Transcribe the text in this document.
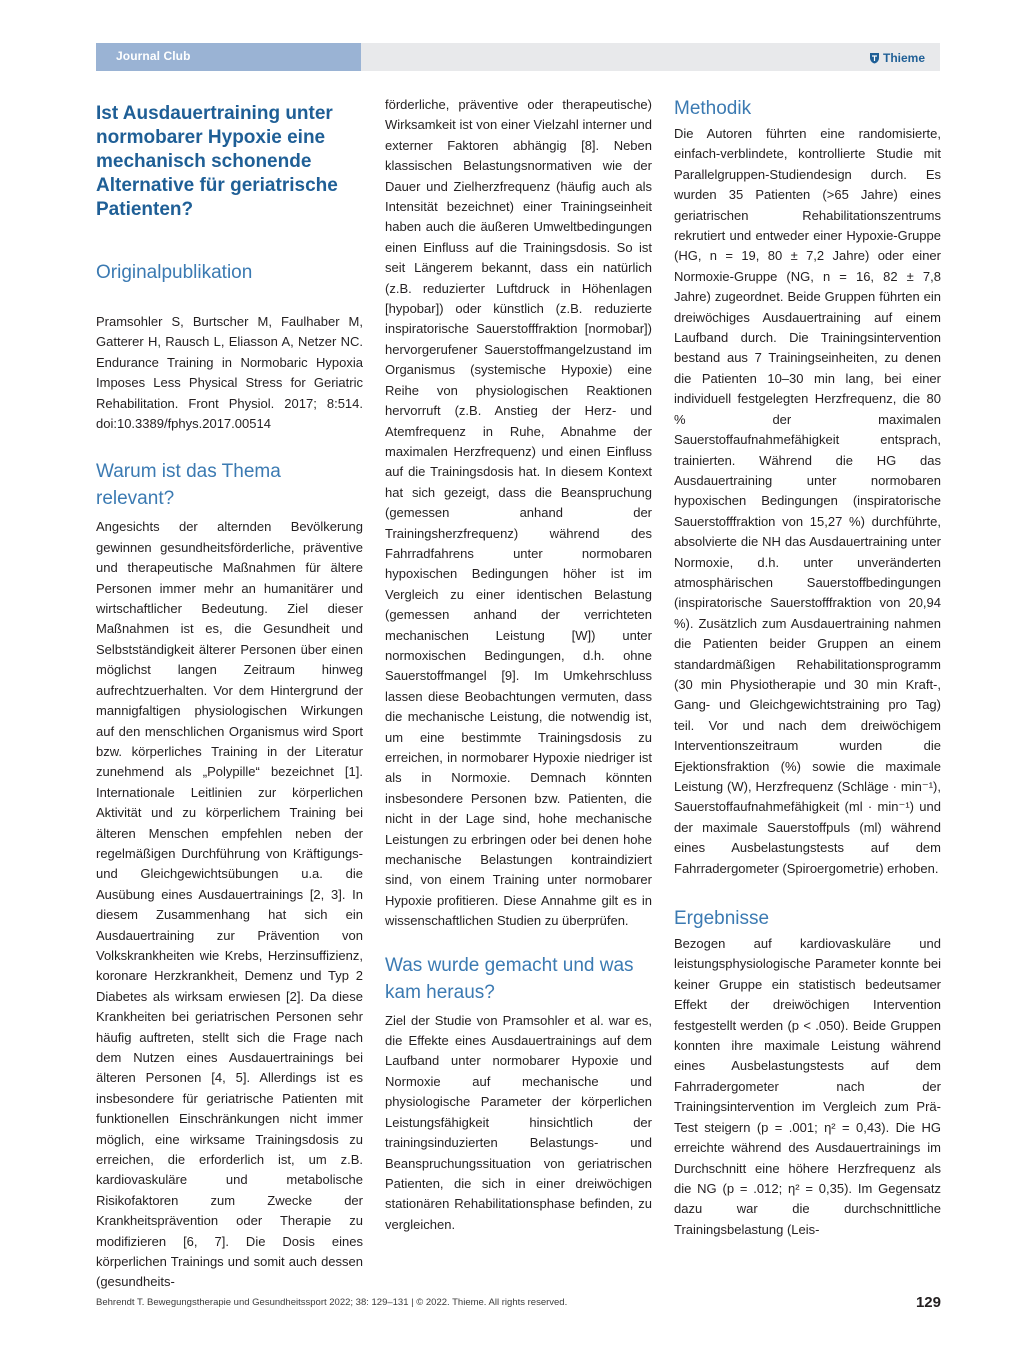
Journal Club	Thieme
Ist Ausdauertraining unter normobarer Hypoxie eine mechanisch schonende Alternative für geriatrische Patienten?
Originalpublikation

Pramsohler S, Burtscher M, Faulhaber M, Gatterer H, Rausch L, Eliasson A, Netzer NC. Endurance Training in Normobaric Hypoxia Imposes Less Physical Stress for Geriatric Rehabilitation. Front Physiol. 2017; 8:514. doi:10.3389/fphys.2017.00514

Warum ist das Thema relevant?

Angesichts der alternden Bevölkerung gewinnen gesundheitsförderliche, präventive und therapeutische Maßnahmen für ältere Personen immer mehr an humanitärer und wirtschaftlicher Bedeutung. Ziel dieser Maßnahmen ist es, die Gesundheit und Selbstständigkeit älterer Personen über einen möglichst langen Zeitraum hinweg aufrechtzuerhalten. Vor dem Hintergrund der mannigfaltigen physiologischen Wirkungen auf den menschlichen Organismus wird Sport bzw. körperliches Training in der Literatur zunehmend als „Polypille“ bezeichnet [1]. Internationale Leitlinien zur körperlichen Aktivität und zu körperlichem Training bei älteren Menschen empfehlen neben der regelmäßigen Durchführung von Kräftigungs- und Gleichgewichtsübungen u.a. die Ausübung eines Ausdauertrainings [2, 3]. In diesem Zusammenhang hat sich ein Ausdauertraining zur Prävention von Volkskrankheiten wie Krebs, Herzinsuffizienz, koronare Herzkrankheit, Demenz und Typ 2 Diabetes als wirksam erwiesen [2]. Da diese Krankheiten bei geriatrischen Personen sehr häufig auftreten, stellt sich die Frage nach dem Nutzen eines Ausdauertrainings bei älteren Personen [4, 5]. Allerdings ist es insbesondere für geriatrische Patienten mit funktionellen Einschränkungen nicht immer möglich, eine wirksame Trainingsdosis zu erreichen, die erforderlich ist, um z.B. kardiovaskuläre und metabolische Risikofaktoren zum Zwecke der Krankheitsprävention oder Therapie zu modifizieren [6, 7]. Die Dosis eines körperlichen Trainings und somit auch dessen (gesundheits-

förderliche, präventive oder therapeutische) Wirksamkeit ist von einer Vielzahl interner und externer Faktoren abhängig [8]. Neben klassischen Belastungsnormativen wie der Dauer und Zielherzfrequenz (häufig auch als Intensität bezeichnet) einer Trainingseinheit haben auch die äußeren Umweltbedingungen einen Einfluss auf die Trainingsdosis. So ist seit Längerem bekannt, dass ein natürlich (z.B. reduzierter Luftdruck in Höhenlagen [hypobar]) oder künstlich (z.B. reduzierte inspiratorische Sauerstofffraktion [normobar]) hervorgerufener Sauerstoffmangelzustand im Organismus (systemische Hypoxie) eine Reihe von physiologischen Reaktionen hervorruft (z.B. Anstieg der Herz- und Atemfrequenz in Ruhe, Abnahme der maximalen Herzfrequenz) und einen Einfluss auf die Trainingsdosis hat. In diesem Kontext hat sich gezeigt, dass die Beanspruchung (gemessen anhand der Trainingsherzfrequenz) während des Fahrradfahrens unter normobaren hypoxischen Bedingungen höher ist im Vergleich zu einer identischen Belastung (gemessen anhand der verrichteten mechanischen Leistung [W]) unter normoxischen Bedingungen, d.h. ohne Sauerstoffmangel [9]. Im Umkehrschluss lassen diese Beobachtungen vermuten, dass die mechanische Leistung, die notwendig ist, um eine bestimmte Trainingsdosis zu erreichen, in normobarer Hypoxie niedriger ist als in Normoxie. Demnach könnten insbesondere Personen bzw. Patienten, die nicht in der Lage sind, hohe mechanische Leistungen zu erbringen oder bei denen hohe mechanische Belastungen kontraindiziert sind, von einem Training unter normobarer Hypoxie profitieren. Diese Annahme gilt es in wissenschaftlichen Studien zu überprüfen.

Was wurde gemacht und was kam heraus?

Ziel der Studie von Pramsohler et al. war es, die Effekte eines Ausdauertrainings auf dem Laufband unter normobarer Hypoxie und Normoxie auf mechanische und physiologische Parameter der körperlichen Leistungsfähigkeit hinsichtlich der trainingsinduzierten Belastungs- und Beanspruchungssituation von geriatrischen Patienten, die sich in einer dreiwöchigen stationären Rehabilitationsphase befinden, zu vergleichen.

Methodik

Die Autoren führten eine randomisierte, einfach-verblindete, kontrollierte Studie mit Parallelgruppen-Studiendesign durch. Es wurden 35 Patienten (>65 Jahre) eines geriatrischen Rehabilitationszentrums rekrutiert und entweder einer Hypoxie-Gruppe (HG, n = 19, 80 ± 7,2 Jahre) oder einer Normoxie-Gruppe (NG, n = 16, 82 ± 7,8 Jahre) zugeordnet. Beide Gruppen führten ein dreiwöchiges Ausdauertraining auf einem Laufband durch. Die Trainingsintervention bestand aus 7 Trainingseinheiten, zu denen die Patienten 10–30 min lang, bei einer individuell festgelegten Herzfrequenz, die 80 % der maximalen Sauerstoffaufnahmefähigkeit entsprach, trainierten. Während die HG das Ausdauertraining unter normobaren hypoxischen Bedingungen (inspiratorische Sauerstofffraktion von 15,27 %) durchführte, absolvierte die NH das Ausdauertraining unter Normoxie, d.h. unter unveränderten atmosphärischen Sauerstoffbedingungen (inspiratorische Sauerstofffraktion von 20,94 %). Zusätzlich zum Ausdauertraining nahmen die Patienten beider Gruppen an einem standardmäßigen Rehabilitationsprogramm (30 min Physiotherapie und 30 min Kraft-, Gang- und Gleichgewichtstraining pro Tag) teil. Vor und nach dem dreiwöchigem Interventionszeitraum wurden die Ejektionsfraktion (%) sowie die maximale Leistung (W), Herzfrequenz (Schläge · min⁻¹), Sauerstoffaufnahmefähigkeit (ml · min⁻¹) und der maximale Sauerstoffpuls (ml) während eines Ausbelastungstests auf dem Fahrradergometer (Spiroergometrie) erhoben.

Ergebnisse

Bezogen auf kardiovaskuläre und leistungsphysiologische Parameter konnte bei keiner Gruppe ein statistisch bedeutsamer Effekt der dreiwöchigen Intervention festgestellt werden (p < .050). Beide Gruppen konnten ihre maximale Leistung während eines Ausbelastungstests auf dem Fahrradergometer nach der Trainingsintervention im Vergleich zum Prä-Test steigern (p = .001; η² = 0,43). Die HG erreichte während des Ausdauertrainings im Durchschnitt eine höhere Herzfrequenz als die NG (p = .012; η² = 0,35). Im Gegensatz dazu war die durchschnittliche Trainingsbelastung (Leis-

Behrendt T. Bewegungstherapie und Gesundheitssport 2022; 38: 129–131 | © 2022. Thieme. All rights reserved.	129
